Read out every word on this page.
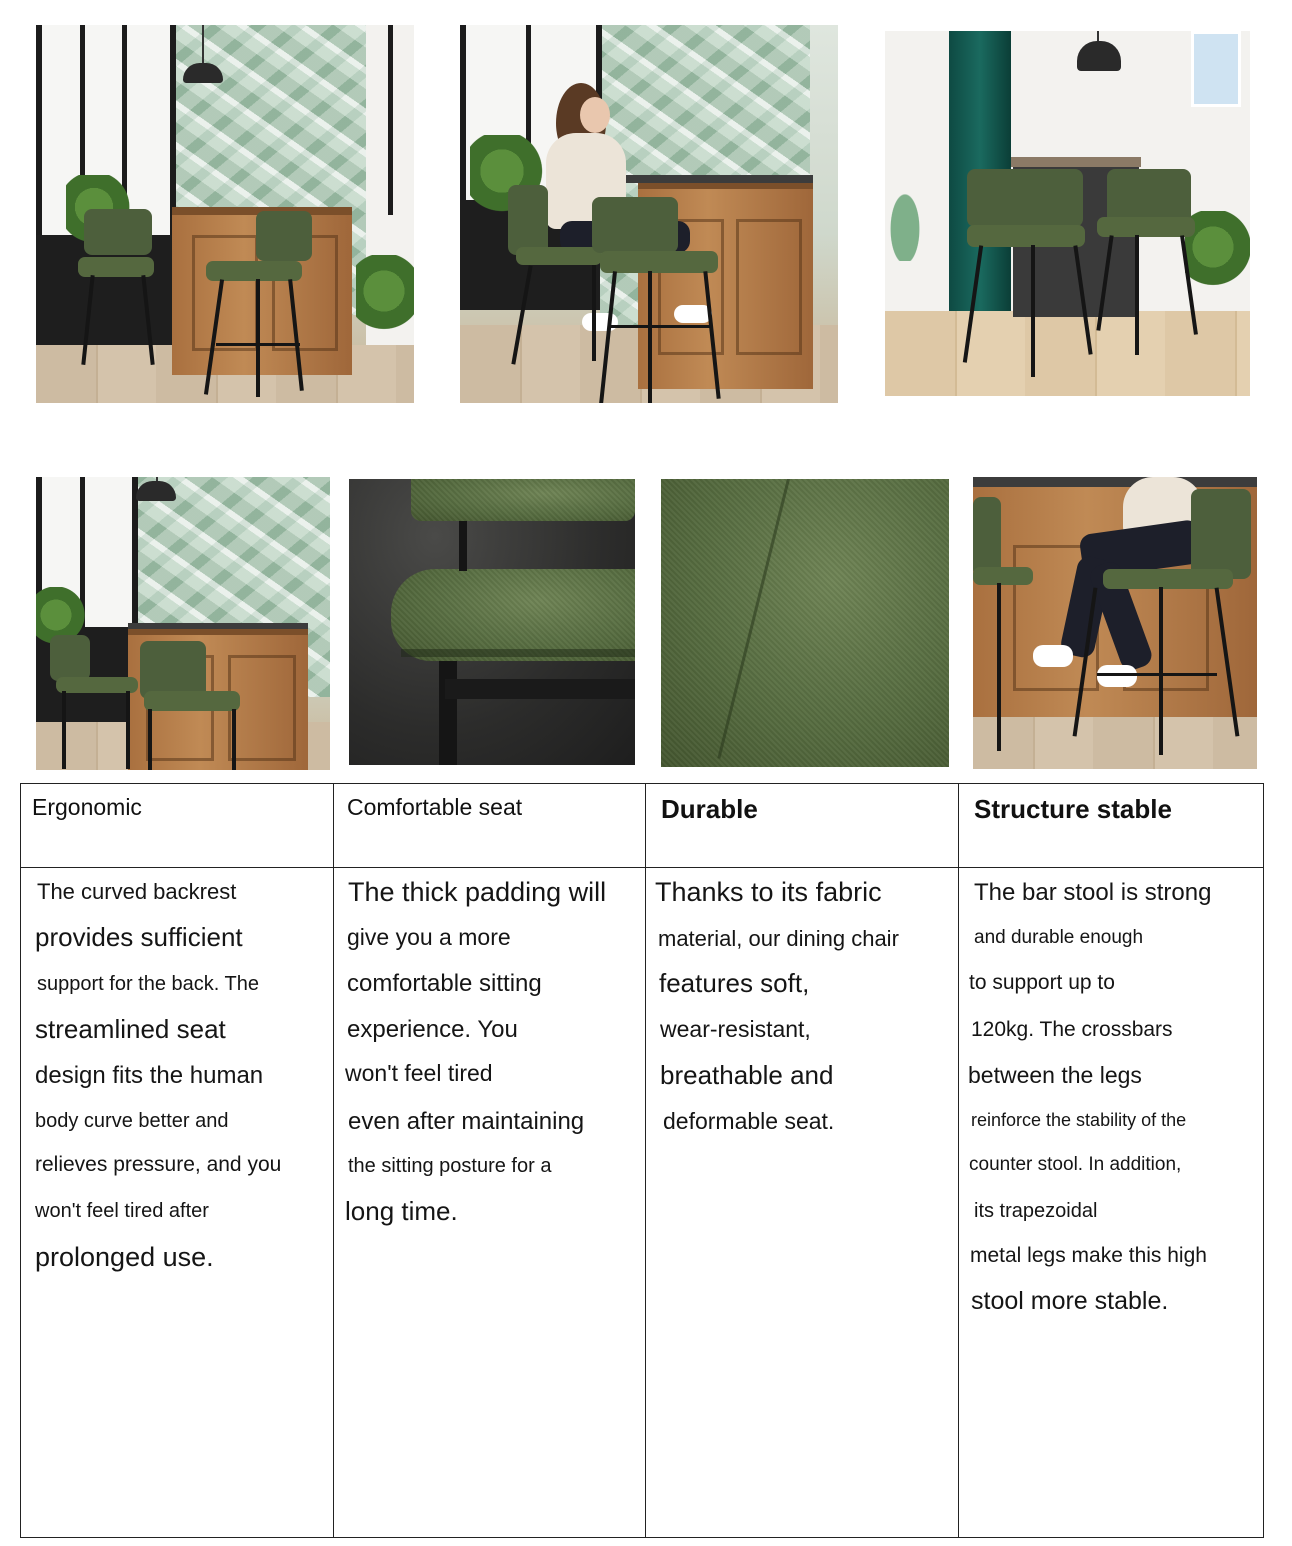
Ergonomic
The curved backrest
provides sufficient
support for the back. The
streamlined seat
design fits the human
body curve better and
relieves pressure, and you
won't feel tired after
prolonged use.
Comfortable seat
The thick padding will
give you a more
comfortable sitting
experience. You
won't feel tired
even after maintaining
the sitting posture for a
long time.
Durable
Thanks to its fabric
material, our dining chair
features soft,
wear-resistant,
breathable and
deformable seat.
Structure stable
The bar stool is strong
and durable enough
to support up to
120kg. The crossbars
between the legs
reinforce the stability of the
counter stool. In addition,
its trapezoidal
metal legs make this high
stool more stable.
